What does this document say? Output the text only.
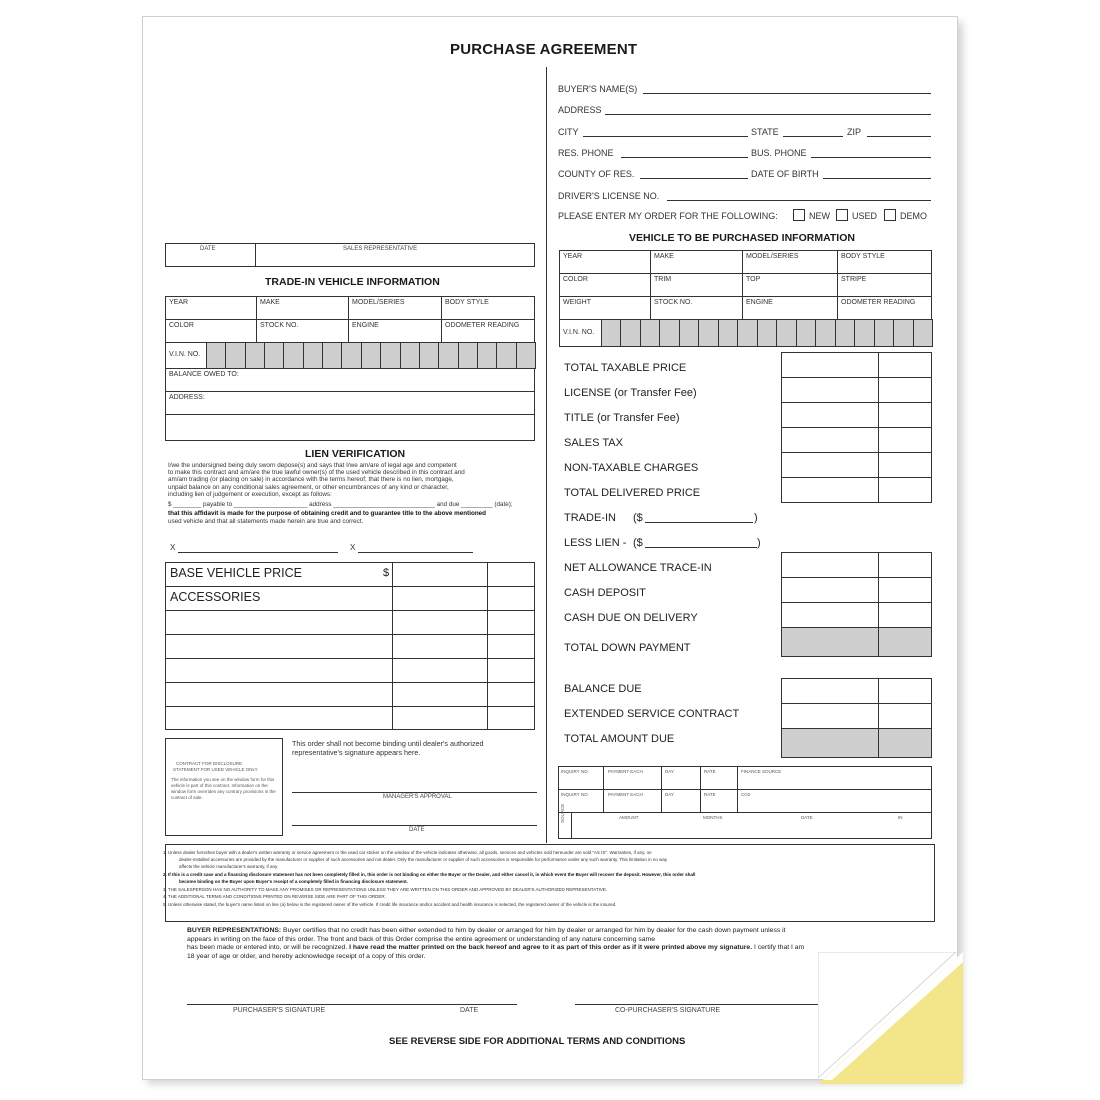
PURCHASE AGREEMENT
BUYER'S NAME(S)
ADDRESS
CITY	STATE	ZIP
RES. PHONE	BUS. PHONE
COUNTY OF RES.	DATE OF BIRTH
DRIVER'S LICENSE NO.
PLEASE ENTER MY ORDER FOR THE FOLLOWING:	NEW USED	DEMO
DATE	SALES REPRESENTATIVE
TRADE-IN VEHICLE INFORMATION
YEAR	MAKE	MODEL/SERIES	BODY STYLE
COLOR	STOCK NO.	ENGINE	ODOMETER READING
V.I.N. NO.
BALANCE OWED TO:
ADDRESS:
LIEN VERIFICATION
I/we the undersigned being duly sworn depose(s) and says that I/we am/are of legal age and competent
to make this contract and am/are the true lawful owner(s) of the used vehicle described in this contract and
am/am trading (or placing on sale) in accordance with the terms hereof; that there is no lien, mortgage,
unpaid balance on any conditional sales agreement, or other encumbrances of any kind or character,
including lien of judgement or execution, except as follows:
$ ________ payable to _____________________ address _____________________________ and due _________ (date);
that this affidavit is made for the purpose of obtaining credit and to guarantee title to the above mentioned
used vehicle and that all statements made herein are true and correct.
X	X
BASE VEHICLE PRICE	$
ACCESSORIES
CONTRACT FOR DISCLOSURE
STATEMENT FOR USED VEHICLE ONLY
The information you see on the window form for this vehicle is part of this contract. Information on the window form overrides any contrary provisions in the contract of sale.
This order shall not become binding until dealer's authorized representative's signature appears here.
MANAGER'S APPROVAL
DATE
VEHICLE TO BE PURCHASED INFORMATION
YEAR	MAKE	MODEL/SERIES	BODY STYLE
COLOR	TRIM	TOP	STRIPE
WEIGHT	STOCK NO.	ENGINE	ODOMETER READING
V.I.N. NO.
TOTAL TAXABLE PRICE
LICENSE (or Transfer Fee)
TITLE (or Transfer Fee)
SALES TAX
NON-TAXABLE CHARGES
TOTAL DELIVERED PRICE
TRADE-IN ($	)
LESS LIEN - ($	)
NET ALLOWANCE TRACE-IN
CASH DEPOSIT
CASH DUE ON DELIVERY
TOTAL DOWN PAYMENT
BALANCE DUE
EXTENDED SERVICE CONTRACT
TOTAL AMOUNT DUE
INQUIRY NO.	PAYMENT EACH	DAY	RATE	FINANCE SOURCE
INQUIRY NO.	PAYMENT EACH	DAY	RATE	CO2
SOURCE	AMOUNT	MONTHS	DATE	IN
1. Unless dealer furnishes buyer with a dealer's written warranty or service agreement or the used car sticker on the window of the vehicle indicates otherwise, all goods, services and vehicles sold hereunder are sold "AS IS". Warranties, if any, on
dealer-installed accessories are provided by the manufacturer or supplier of such accessories and not dealer. Only the manufacturer or supplier of such accessories is responsible for performance under any such warranty. This limitation in no way
affects the vehicle manufacturer's warranty, if any.
2. If this is a credit case and a financing disclosure statement has not been completely filled in, this order is not binding on either the Buyer or the Dealer, and either cancel it, in which event the Buyer will recover the deposit. However, this order shall
become binding on the Buyer upon Buyer's receipt of a completely filled in financing disclosure statement.
3. THE SALESPERSON HAS NO AUTHORITY TO MAKE ANY PROMISES OR REPRESENTATIONS UNLESS THEY ARE WRITTEN ON THIS ORDER AND APPROVED BY DEALER'S AUTHORIZED REPRESENTATIVE.
4. THE ADDITIONAL TERMS AND CONDITIONS PRINTED ON REVERSE SIDE ARE PART OF THIS ORDER.
5. Unless otherwise stated, the buyer's name listed on line (a) below is the registered owner of the vehicle. If credit life insurance and/or accident and health insurance is selected, the registered owner of the vehicle is the insured.
BUYER REPRESENTATIONS: Buyer certifies that no credit has been either extended to him by dealer or arranged for him by dealer or arranged for him by dealer for the cash down payment unless it
appears in writing on the face of this order. The front and back of this Order comprise the entire agreement or understanding of any nature concerning same
has been made or entered into, or will be recognized. I have read the matter printed on the back hereof and agree to it as part of this order as if it were printed above my signature. I certify that I am
18 year of age or older, and hereby acknowledge receipt of a copy of this order.
PURCHASER'S SIGNATURE	DATE	CO-PURCHASER'S SIGNATURE
SEE REVERSE SIDE FOR ADDITIONAL TERMS AND CONDITIONS
